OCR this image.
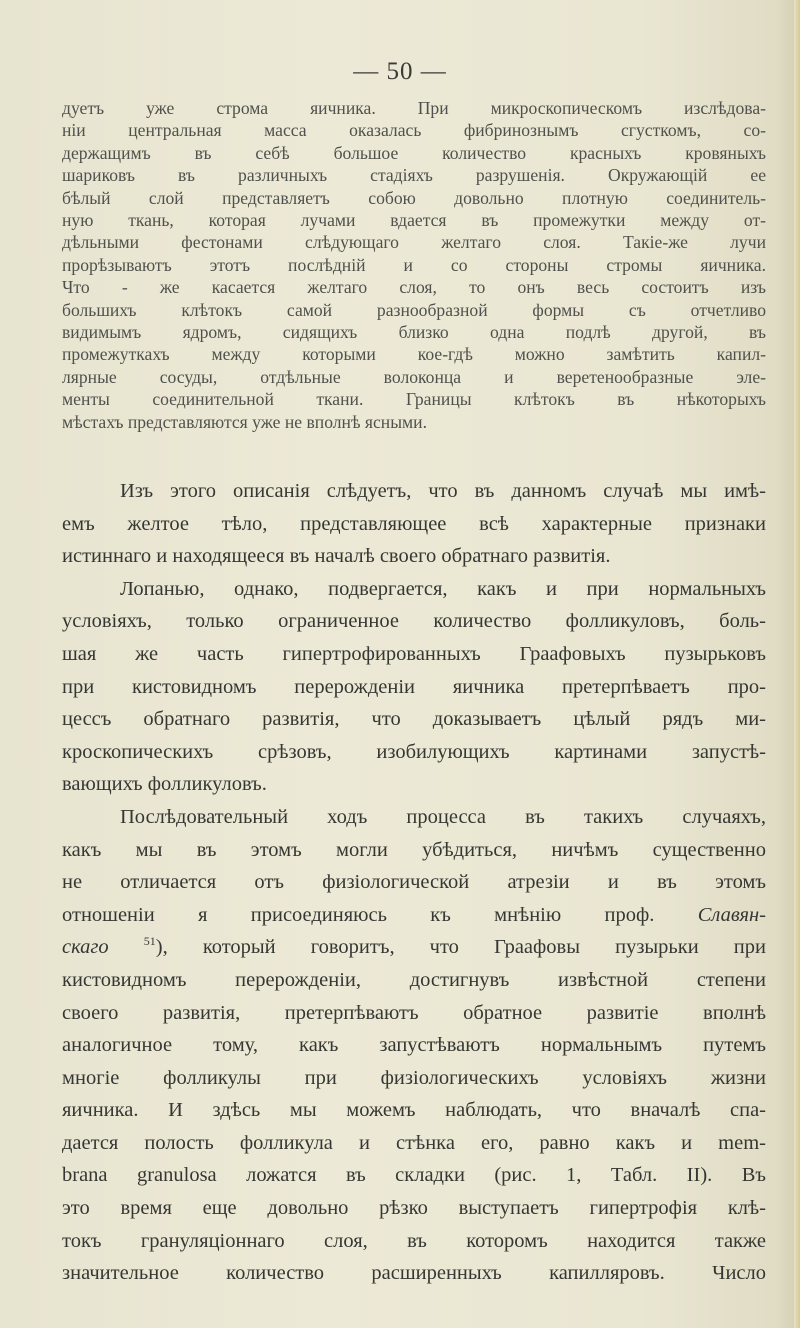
— 50 —
дуетъ уже строма яичника. При микроскопическомъ изслѣдова-
ніи центральная масса оказалась фибринознымъ сгусткомъ, со-
держащимъ въ себѣ большое количество красныхъ кровяныхъ
шариковъ въ различныхъ стадіяхъ разрушенія. Окружающій ее
бѣлый слой представляетъ собою довольно плотную соединитель-
ную ткань, которая лучами вдается въ промежутки между от-
дѣльными фестонами слѣдующаго желтаго слоя. Такіе-же лучи
прорѣзываютъ этотъ послѣдній и со стороны стромы яичника.
Что - же касается желтаго слоя, то онъ весь состоитъ изъ
большихъ клѣтокъ самой разнообразной формы съ отчетливо
видимымъ ядромъ, сидящихъ близко одна подлѣ другой, въ
промежуткахъ между которыми кое-гдѣ можно замѣтить капил-
лярные сосуды, отдѣльные волоконца и веретенообразные эле-
менты соединительной ткани. Границы клѣтокъ въ нѣкоторыхъ
мѣстахъ представляются уже не вполнѣ ясными.
Изъ этого описанія слѣдуетъ, что въ данномъ случаѣ мы имѣ-
емъ желтое тѣло, представляющее всѣ характерные признаки
истиннаго и находящееся въ началѣ своего обратнаго развитія.
Лопанью, однако, подвергается, какъ и при нормальныхъ
условіяхъ, только ограниченное количество фолликуловъ, боль-
шая же часть гипертрофированныхъ Граафовыхъ пузырьковъ
при кистовидномъ перерожденіи яичника претерпѣваетъ про-
цессъ обратнаго развитія, что доказываетъ цѣлый рядъ ми-
кроскопическихъ срѣзовъ, изобилующихъ картинами запустѣ-
вающихъ фолликуловъ.
Послѣдовательный ходъ процесса въ такихъ случаяхъ,
какъ мы въ этомъ могли убѣдиться, ничѣмъ существенно
не отличается отъ физіологической атрезіи и въ этомъ
отношеніи я присоединяюсь къ мнѣнію проф. Славян-
скаго	$^{51}$), который говоритъ, что Граафовы пузырьки при
кистовидномъ перерожденіи, достигнувъ извѣстной степени
своего развитія, претерпѣваютъ обратное развитіе вполнѣ
аналогичное тому, какъ запустѣваютъ нормальнымъ путемъ
многіе фолликулы при физіологическихъ условіяхъ жизни
яичника. И здѣсь мы можемъ наблюдать, что вначалѣ спа-
дается полость фолликула и стѣнка его, равно какъ и mem-
brana granulosa ложатся въ складки (рис. 1, Табл. II). Въ
это время еще довольно рѣзко выступаетъ гипертрофія клѣ-
токъ грануляціоннаго слоя, въ которомъ находится также
значительное количество расширенныхъ капилляровъ. Число
